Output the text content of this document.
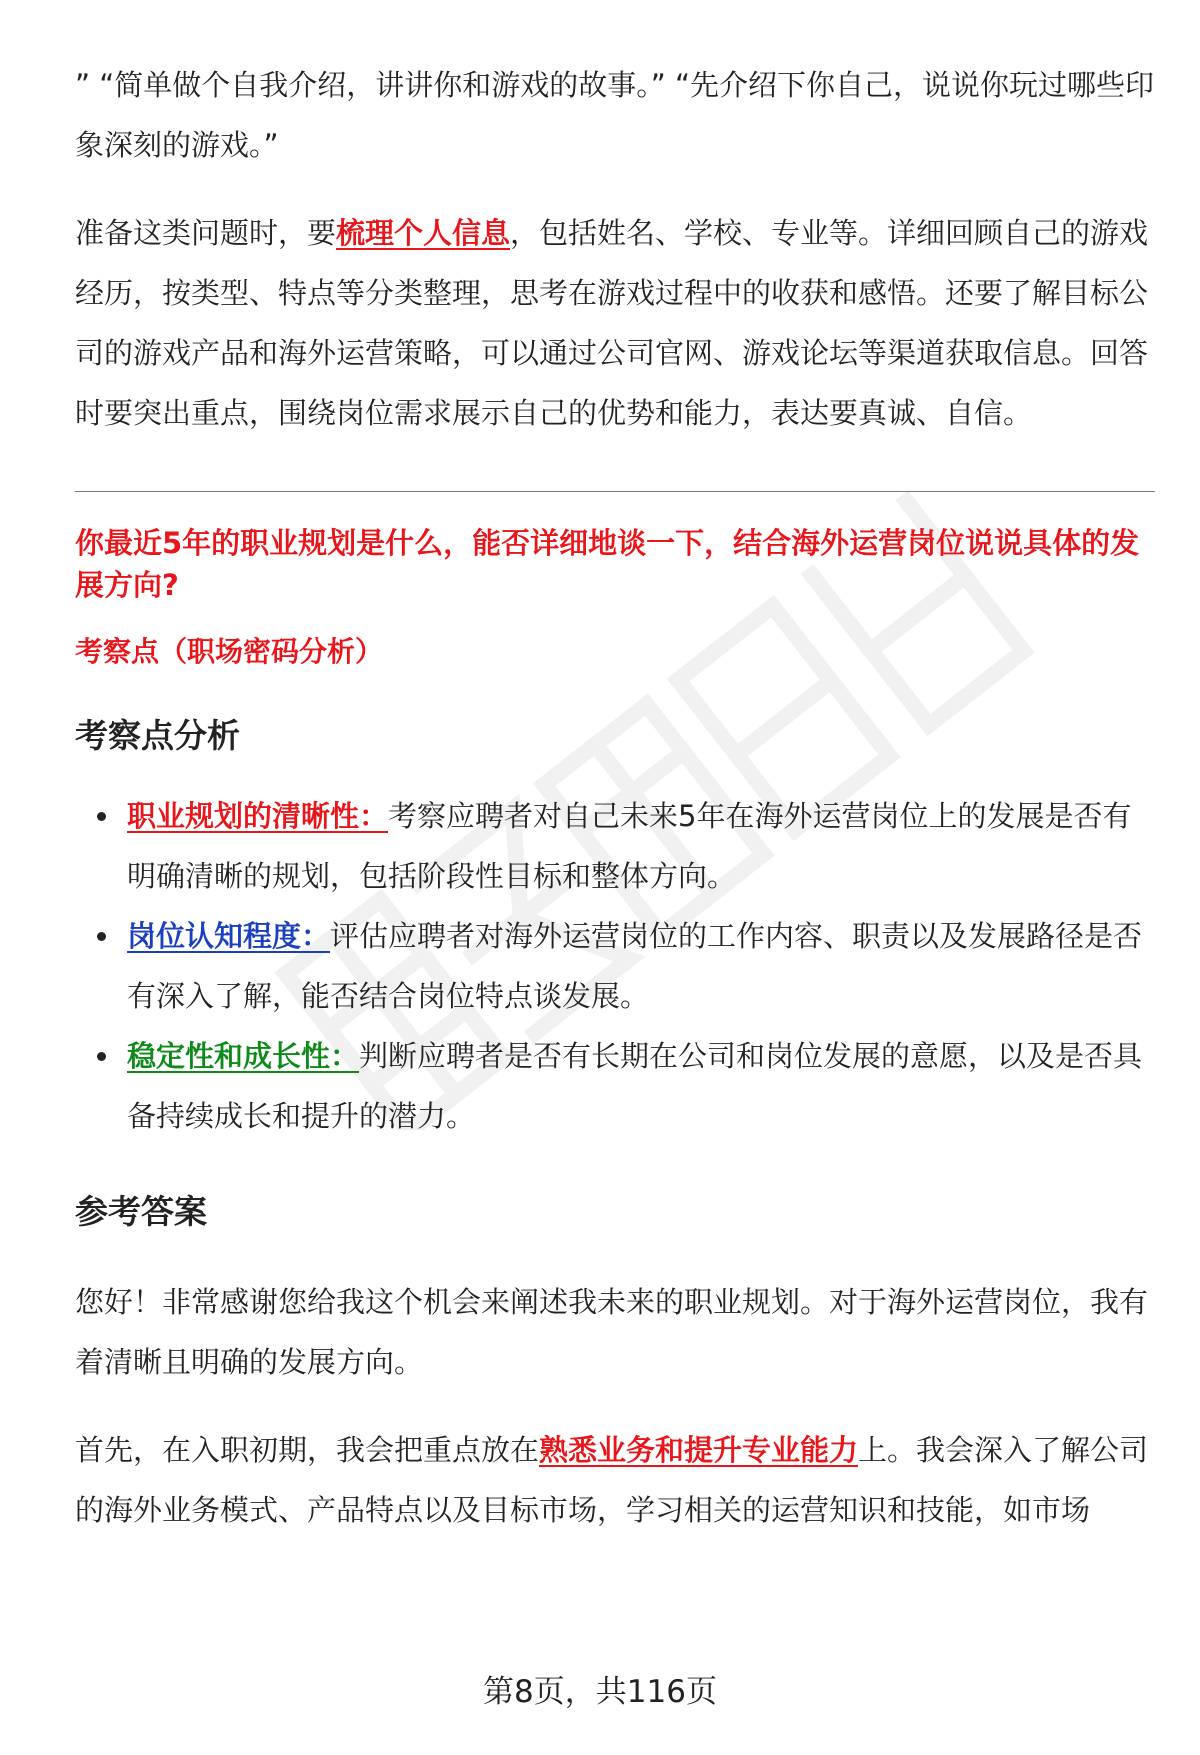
” “简单做个自我介绍，讲讲你和游戏的故事。” “先介绍下你自己，说说你玩过哪些印象深刻的游戏。”

准备这类问题时，要梳理个人信息，包括姓名、学校、专业等。详细回顾自己的游戏经历，按类型、特点等分类整理，思考在游戏过程中的收获和感悟。还要了解目标公司的游戏产品和海外运营策略，可以通过公司官网、游戏论坛等渠道获取信息。回答时要突出重点，围绕岗位需求展示自己的优势和能力，表达要真诚、自信。

你最近5年的职业规划是什么，能否详细地谈一下，结合海外运营岗位说说具体的发展方向?
考察点（职场密码分析）
考察点分析
职业规划的清晰性：考察应聘者对自己未来5年在海外运营岗位上的发展是否有明确清晰的规划，包括阶段性目标和整体方向。
岗位认知程度：评估应聘者对海外运营岗位的工作内容、职责以及发展路径是否有深入了解，能否结合岗位特点谈发展。
稳定性和成长性：判断应聘者是否有长期在公司和岗位发展的意愿，以及是否具备持续成长和提升的潜力。
参考答案

您好！非常感谢您给我这个机会来阐述我未来的职业规划。对于海外运营岗位，我有着清晰且明确的发展方向。

首先，在入职初期，我会把重点放在熟悉业务和提升专业能力上。我会深入了解公司的海外业务模式、产品特点以及目标市场，学习相关的运营知识和技能，如市场

第8页，共116页
